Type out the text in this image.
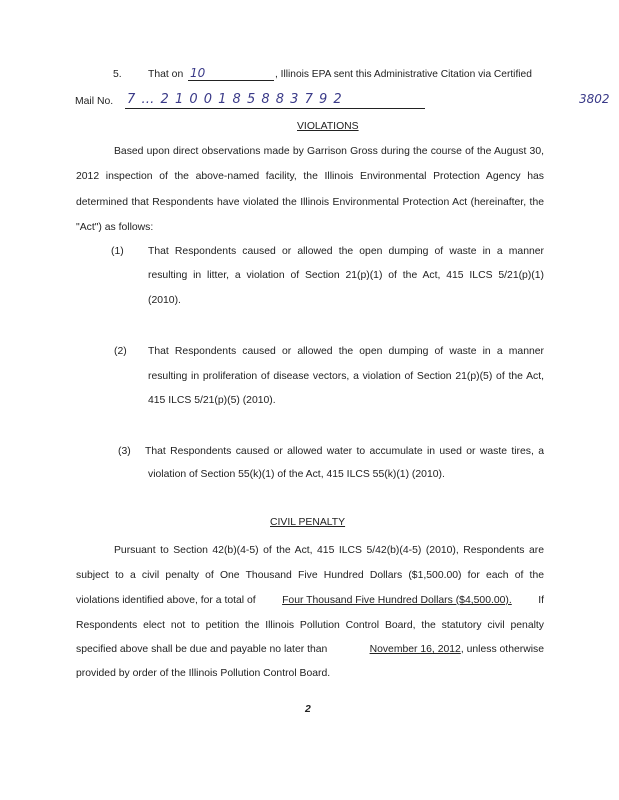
5.	That on 10	, Illinois EPA sent this Administrative Citation via Certified
Mail No. 7 … 2 1 0 0 1 8 5 8 8 3 7 9 2	3802
VIOLATIONS
Based upon direct observations made by Garrison Gross during the course of the August 30,
2012 inspection of the above-named facility, the Illinois Environmental Protection Agency has
determined that Respondents have violated the Illinois Environmental Protection Act (hereinafter, the
"Act") as follows:
(1) That Respondents caused or allowed the open dumping of waste in a manner
resulting in litter, a violation of Section 21(p)(1) of the Act, 415 ILCS 5/21(p)(1)
(2010).
(2) That Respondents caused or allowed the open dumping of waste in a manner
resulting in proliferation of disease vectors, a violation of Section 21(p)(5) of the Act,
415 ILCS 5/21(p)(5) (2010).
(3) That Respondents caused or allowed water to accumulate in used or waste tires, a
violation of Section 55(k)(1) of the Act, 415 ILCS 55(k)(1) (2010).
CIVIL PENALTY
Pursuant to Section 42(b)(4-5) of the Act, 415 ILCS 5/42(b)(4-5) (2010), Respondents are
subject to a civil penalty of One Thousand Five Hundred Dollars ($1,500.00) for each of the
violations identified above, for a total of	Four Thousand Five Hundred Dollars ($4,500.00).	If
Respondents elect not to petition the Illinois Pollution Control Board, the statutory civil penalty
specified above shall be due and payable no later than	November 16, 2012, unless otherwise
provided by order of the Illinois Pollution Control Board.
2
